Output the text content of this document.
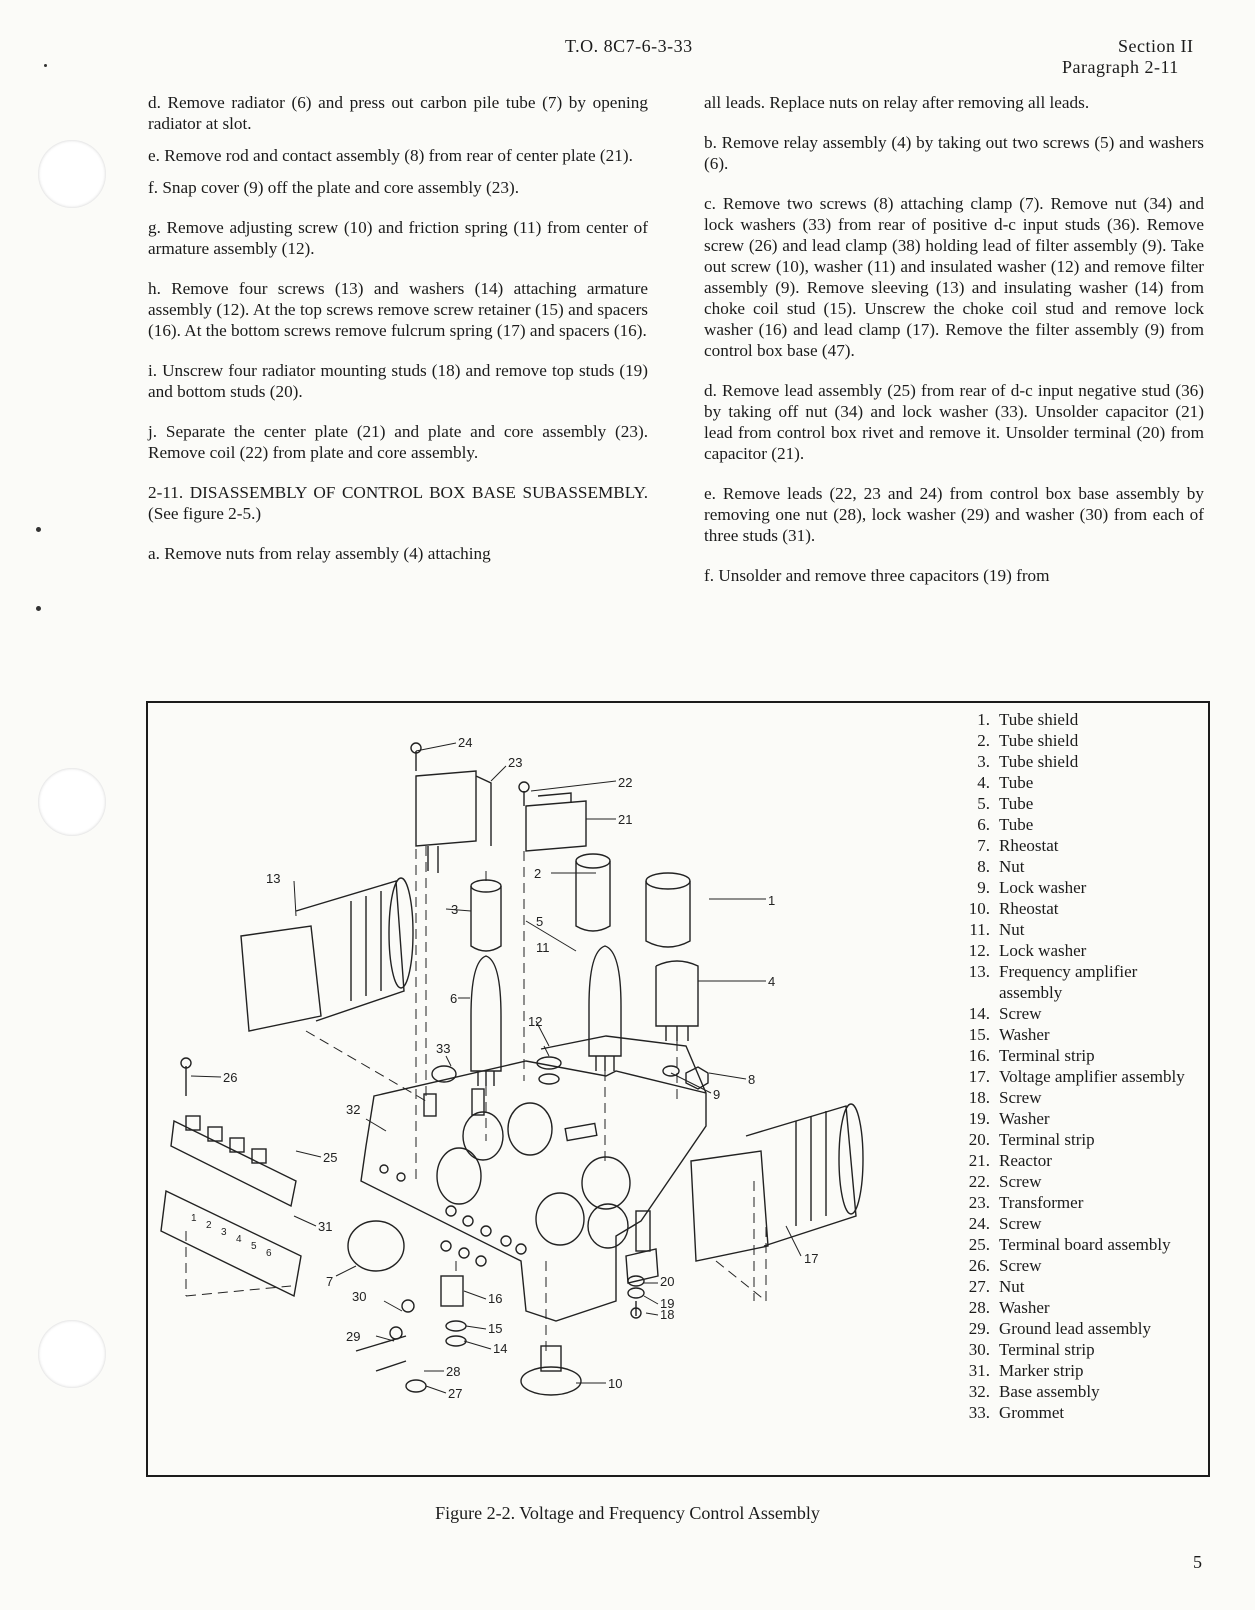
T.O. 8C7-6-3-33	Section II
Paragraph 2-11

d. Remove radiator (6) and press out carbon pile tube (7) by opening radiator at slot.

e. Remove rod and contact assembly (8) from rear of center plate (21).

f. Snap cover (9) off the plate and core assembly (23).

g. Remove adjusting screw (10) and friction spring (11) from center of armature assembly (12).

h. Remove four screws (13) and washers (14) attaching armature assembly (12). At the top screws remove screw retainer (15) and spacers (16). At the bottom screws remove fulcrum spring (17) and spacers (16).

i. Unscrew four radiator mounting studs (18) and remove top studs (19) and bottom studs (20).

j. Separate the center plate (21) and plate and core assembly (23). Remove coil (22) from plate and core assembly.

2-11. DISASSEMBLY OF CONTROL BOX BASE SUBASSEMBLY. (See figure 2-5.)

a. Remove nuts from relay assembly (4) attaching

all leads. Replace nuts on relay after removing all leads.

b. Remove relay assembly (4) by taking out two screws (5) and washers (6).

c. Remove two screws (8) attaching clamp (7). Remove nut (34) and lock washers (33) from rear of positive d-c input studs (36). Remove screw (26) and lead clamp (38) holding lead of filter assembly (9). Take out screw (10), washer (11) and insulated washer (12) and remove filter assembly (9). Remove sleeving (13) and insulating washer (14) from choke coil stud (15). Unscrew the choke coil stud and remove lock washer (16) and lead clamp (17). Remove the filter assembly (9) from control box base (47).

d. Remove lead assembly (25) from rear of d-c input negative stud (36) by taking off nut (34) and lock washer (33). Unsolder capacitor (21) lead from control box rivet and remove it. Unsolder terminal (20) from capacitor (21).

e. Remove leads (22, 23 and 24) from control box base assembly by removing one nut (28), lock washer (29) and washer (30) from each of three studs (31).

f. Unsolder and remove three capacitors (19) from

1
2
3
4
5
6
7
8
9
10
11
12
13
14
15
16
17
18
19
20
21
22
23
24
25
26
27
28
29
30
31
32
33
1
2
3
4
5
6
1. Tube shield
2. Tube shield
3. Tube shield
4. Tube
5. Tube
6. Tube
7. Rheostat
8. Nut
9. Lock washer
10. Rheostat
11. Nut
12. Lock washer
13. Frequency amplifier assembly
14. Screw
15. Washer
16. Terminal strip
17. Voltage amplifier assembly
18. Screw
19. Washer
20. Terminal strip
21. Reactor
22. Screw
23. Transformer
24. Screw
25. Terminal board assembly
26. Screw
27. Nut
28. Washer
29. Ground lead assembly
30. Terminal strip
31. Marker strip
32. Base assembly
33. Grommet
Figure 2-2. Voltage and Frequency Control Assembly
5
